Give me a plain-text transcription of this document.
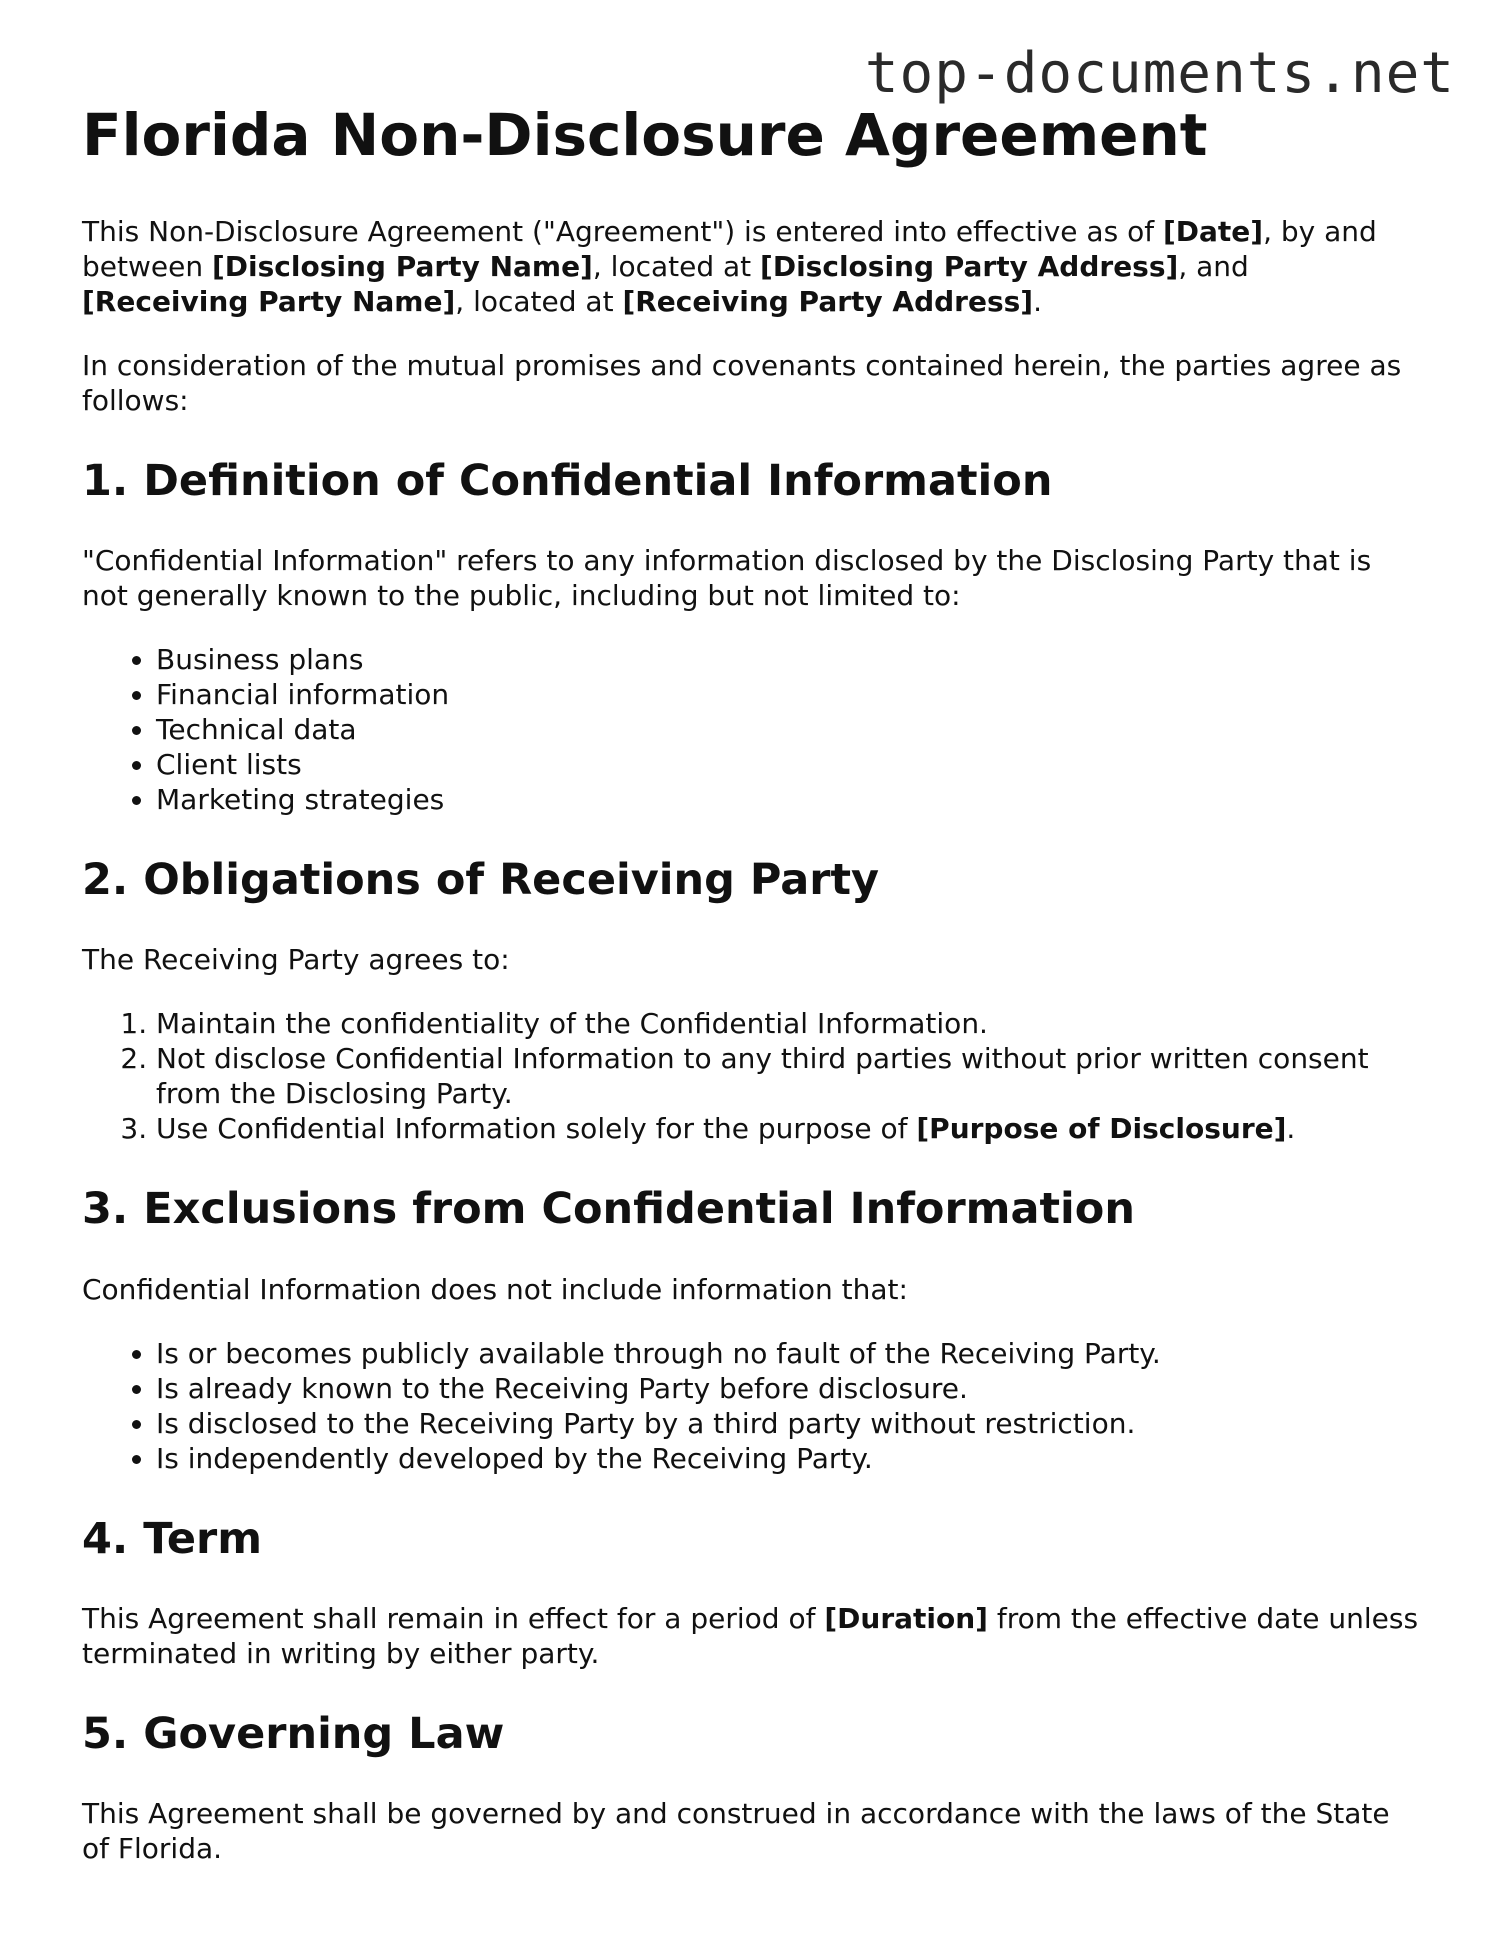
top-documents.net
Florida Non-Disclosure Agreement

This Non-Disclosure Agreement ("Agreement") is entered into effective as of [Date], by and between [Disclosing Party Name], located at [Disclosing Party Address], and [Receiving Party Name], located at [Receiving Party Address].

In consideration of the mutual promises and covenants contained herein, the parties agree as follows:

1. Definition of Confidential Information

"Confidential Information" refers to any information disclosed by the Disclosing Party that is not generally known to the public, including but not limited to:

• Business plans
• Financial information
• Technical data
• Client lists
• Marketing strategies
2. Obligations of Receiving Party

The Receiving Party agrees to:

1. Maintain the confidentiality of the Confidential Information.
2. Not disclose Confidential Information to any third parties without prior written consent from the Disclosing Party.
3. Use Confidential Information solely for the purpose of [Purpose of Disclosure].
3. Exclusions from Confidential Information

Confidential Information does not include information that:

• Is or becomes publicly available through no fault of the Receiving Party.
• Is already known to the Receiving Party before disclosure.
• Is disclosed to the Receiving Party by a third party without restriction.
• Is independently developed by the Receiving Party.
4. Term

This Agreement shall remain in effect for a period of [Duration] from the effective date unless terminated in writing by either party.

5. Governing Law

This Agreement shall be governed by and construed in accordance with the laws of the State of Florida.
